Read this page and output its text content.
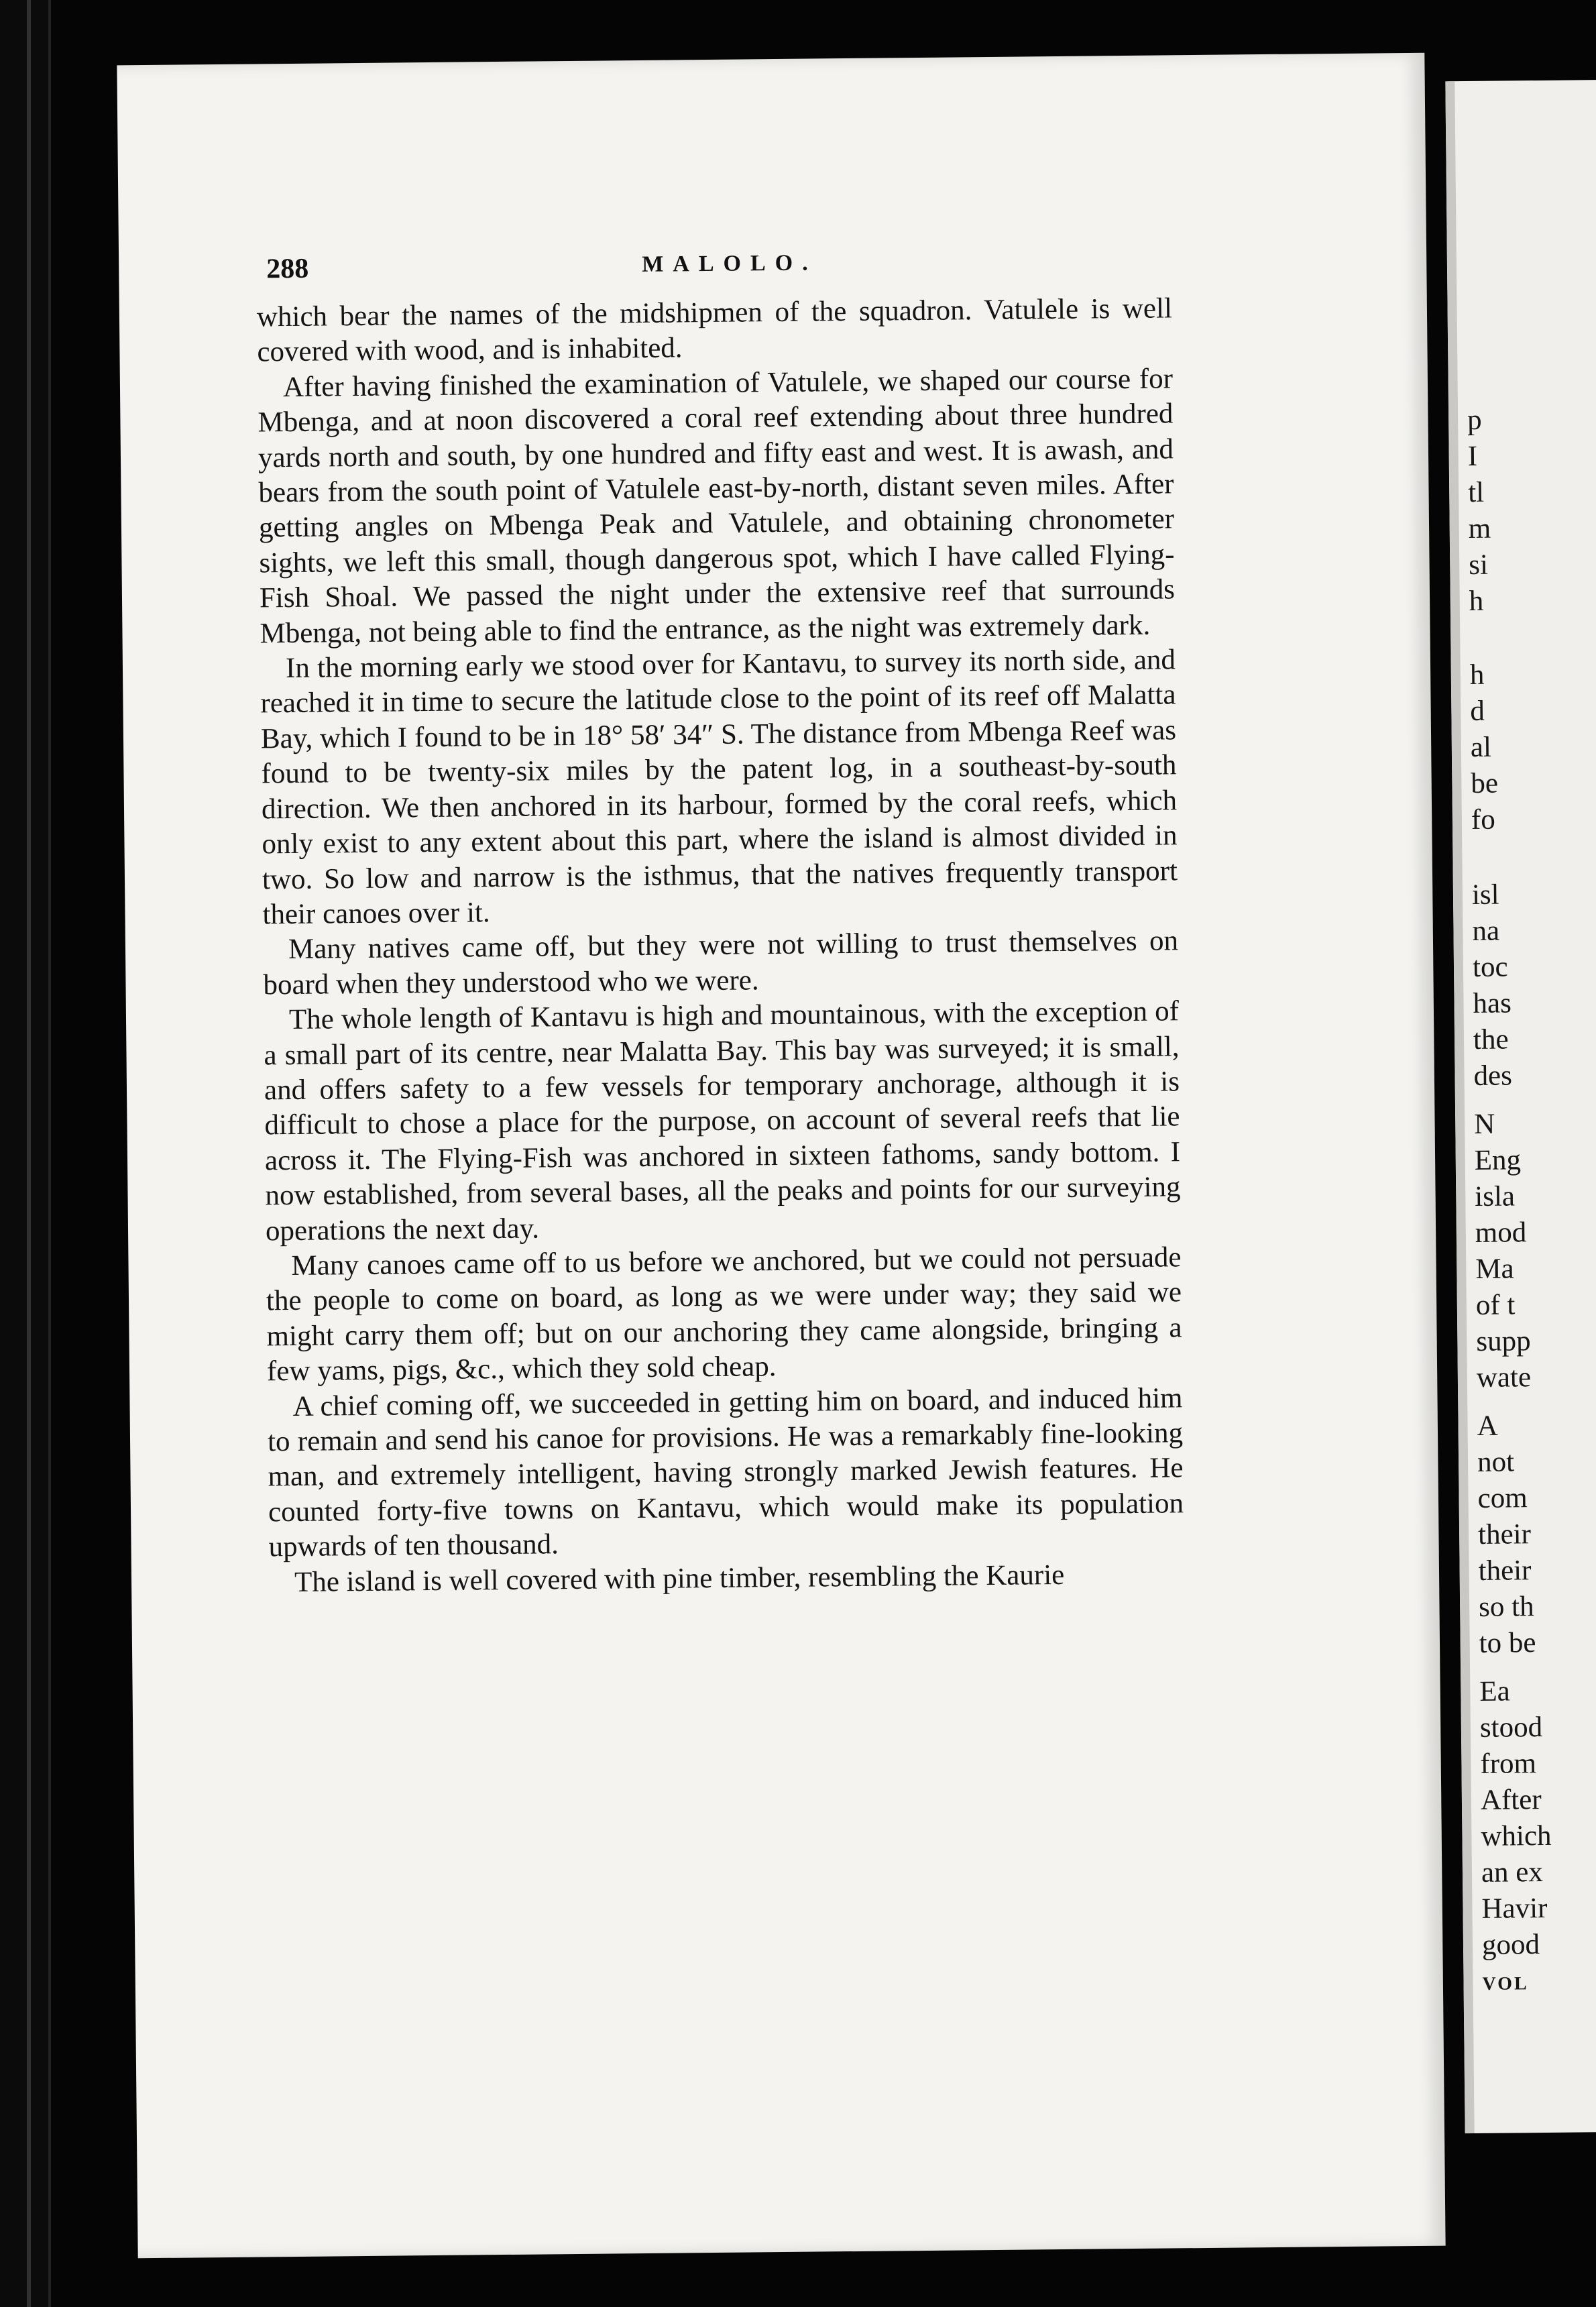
288	MALOLO.

which bear the names of the midshipmen of the squadron. Vatulele is well covered with wood, and is inhabited.

After having finished the examination of Vatulele, we shaped our course for Mbenga, and at noon discovered a coral reef extending about three hundred yards north and south, by one hundred and fifty east and west. It is awash, and bears from the south point of Vatulele east-by-north, distant seven miles. After getting angles on Mbenga Peak and Vatulele, and obtaining chronometer sights, we left this small, though dangerous spot, which I have called Flying-Fish Shoal. We passed the night under the extensive reef that surrounds Mbenga, not being able to find the entrance, as the night was extremely dark.

In the morning early we stood over for Kantavu, to survey its north side, and reached it in time to secure the latitude close to the point of its reef off Malatta Bay, which I found to be in 18° 58′ 34″ S. The distance from Mbenga Reef was found to be twenty-six miles by the patent log, in a southeast-by-south direction. We then anchored in its harbour, formed by the coral reefs, which only exist to any extent about this part, where the island is almost divided in two. So low and narrow is the isthmus, that the natives frequently transport their canoes over it.

Many natives came off, but they were not willing to trust themselves on board when they understood who we were.

The whole length of Kantavu is high and mountainous, with the exception of a small part of its centre, near Malatta Bay. This bay was surveyed; it is small, and offers safety to a few vessels for temporary anchorage, although it is difficult to chose a place for the purpose, on account of several reefs that lie across it. The Flying-Fish was anchored in sixteen fathoms, sandy bottom. I now established, from several bases, all the peaks and points for our surveying operations the next day.

Many canoes came off to us before we anchored, but we could not persuade the people to come on board, as long as we were under way; they said we might carry them off; but on our anchoring they came alongside, bringing a few yams, pigs, &c., which they sold cheap.

A chief coming off, we succeeded in getting him on board, and induced him to remain and send his canoe for provisions. He was a remarkably fine-looking man, and extremely intelligent, having strongly marked Jewish features. He counted forty-five towns on Kantavu, which would make its population upwards of ten thousand.

The island is well covered with pine timber, resembling the Kaurie

p
I
tl
m
si
h
h
d
al
be
fo
isl
na
toc
has
the
des
N
Eng
isla
mod
Ma
of t
supp
wate
A
not
com
their
their
so th
to be
Ea
stood
from
After
which
an ex
Havir
good
VOL
